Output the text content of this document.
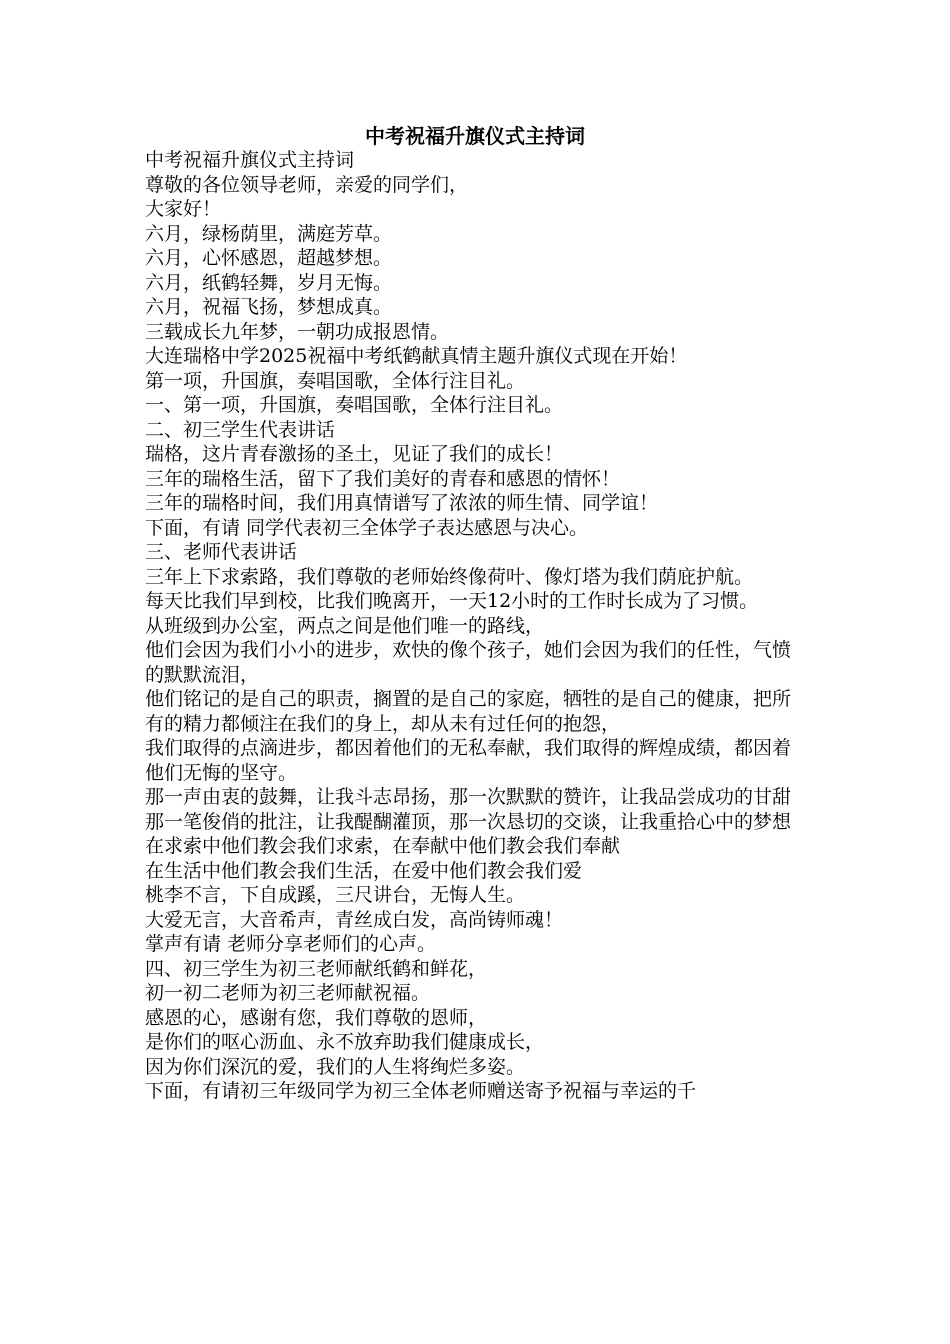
中考祝福升旗仪式主持词

中考祝福升旗仪式主持词

尊敬的各位领导老师，亲爱的同学们，

大家好！

六月，绿杨荫里，满庭芳草。

六月，心怀感恩，超越梦想。

六月，纸鹤轻舞，岁月无悔。

六月，祝福飞扬，梦想成真。

三载成长九年梦，一朝功成报恩情。

大连瑞格中学2025祝福中考纸鹤献真情主题升旗仪式现在开始！

第一项，升国旗，奏唱国歌，全体行注目礼。

一、第一项，升国旗，奏唱国歌，全体行注目礼。

二、初三学生代表讲话

瑞格，这片青春激扬的圣土，见证了我们的成长！

三年的瑞格生活，留下了我们美好的青春和感恩的情怀！

三年的瑞格时间，我们用真情谱写了浓浓的师生情、同学谊！

下面，有请 同学代表初三全体学子表达感恩与决心。

三、老师代表讲话

三年上下求索路，我们尊敬的老师始终像荷叶、像灯塔为我们荫庇护航。

每天比我们早到校，比我们晚离开，一天12小时的工作时长成为了习惯。

从班级到办公室，两点之间是他们唯一的路线，

他们会因为我们小小的进步，欢快的像个孩子，她们会因为我们的任性，气愤的默默流泪，

他们铭记的是自己的职责，搁置的是自己的家庭，牺牲的是自己的健康，把所有的精力都倾注在我们的身上，却从未有过任何的抱怨，

我们取得的点滴进步，都因着他们的无私奉献，我们取得的辉煌成绩，都因着他们无悔的坚守。

那一声由衷的鼓舞，让我斗志昂扬，那一次默默的赞许，让我品尝成功的甘甜

那一笔俊俏的批注，让我醍醐灌顶，那一次恳切的交谈，让我重拾心中的梦想

在求索中他们教会我们求索，在奉献中他们教会我们奉献

在生活中他们教会我们生活，在爱中他们教会我们爱

桃李不言，下自成蹊，三尺讲台，无悔人生。

大爱无言，大音希声，青丝成白发，高尚铸师魂！

掌声有请 老师分享老师们的心声。

四、初三学生为初三老师献纸鹤和鲜花，

初一初二老师为初三老师献祝福。

感恩的心，感谢有您，我们尊敬的恩师，

是你们的呕心沥血、永不放弃助我们健康成长，

因为你们深沉的爱，我们的人生将绚烂多姿。

下面，有请初三年级同学为初三全体老师赠送寄予祝福与幸运的千
